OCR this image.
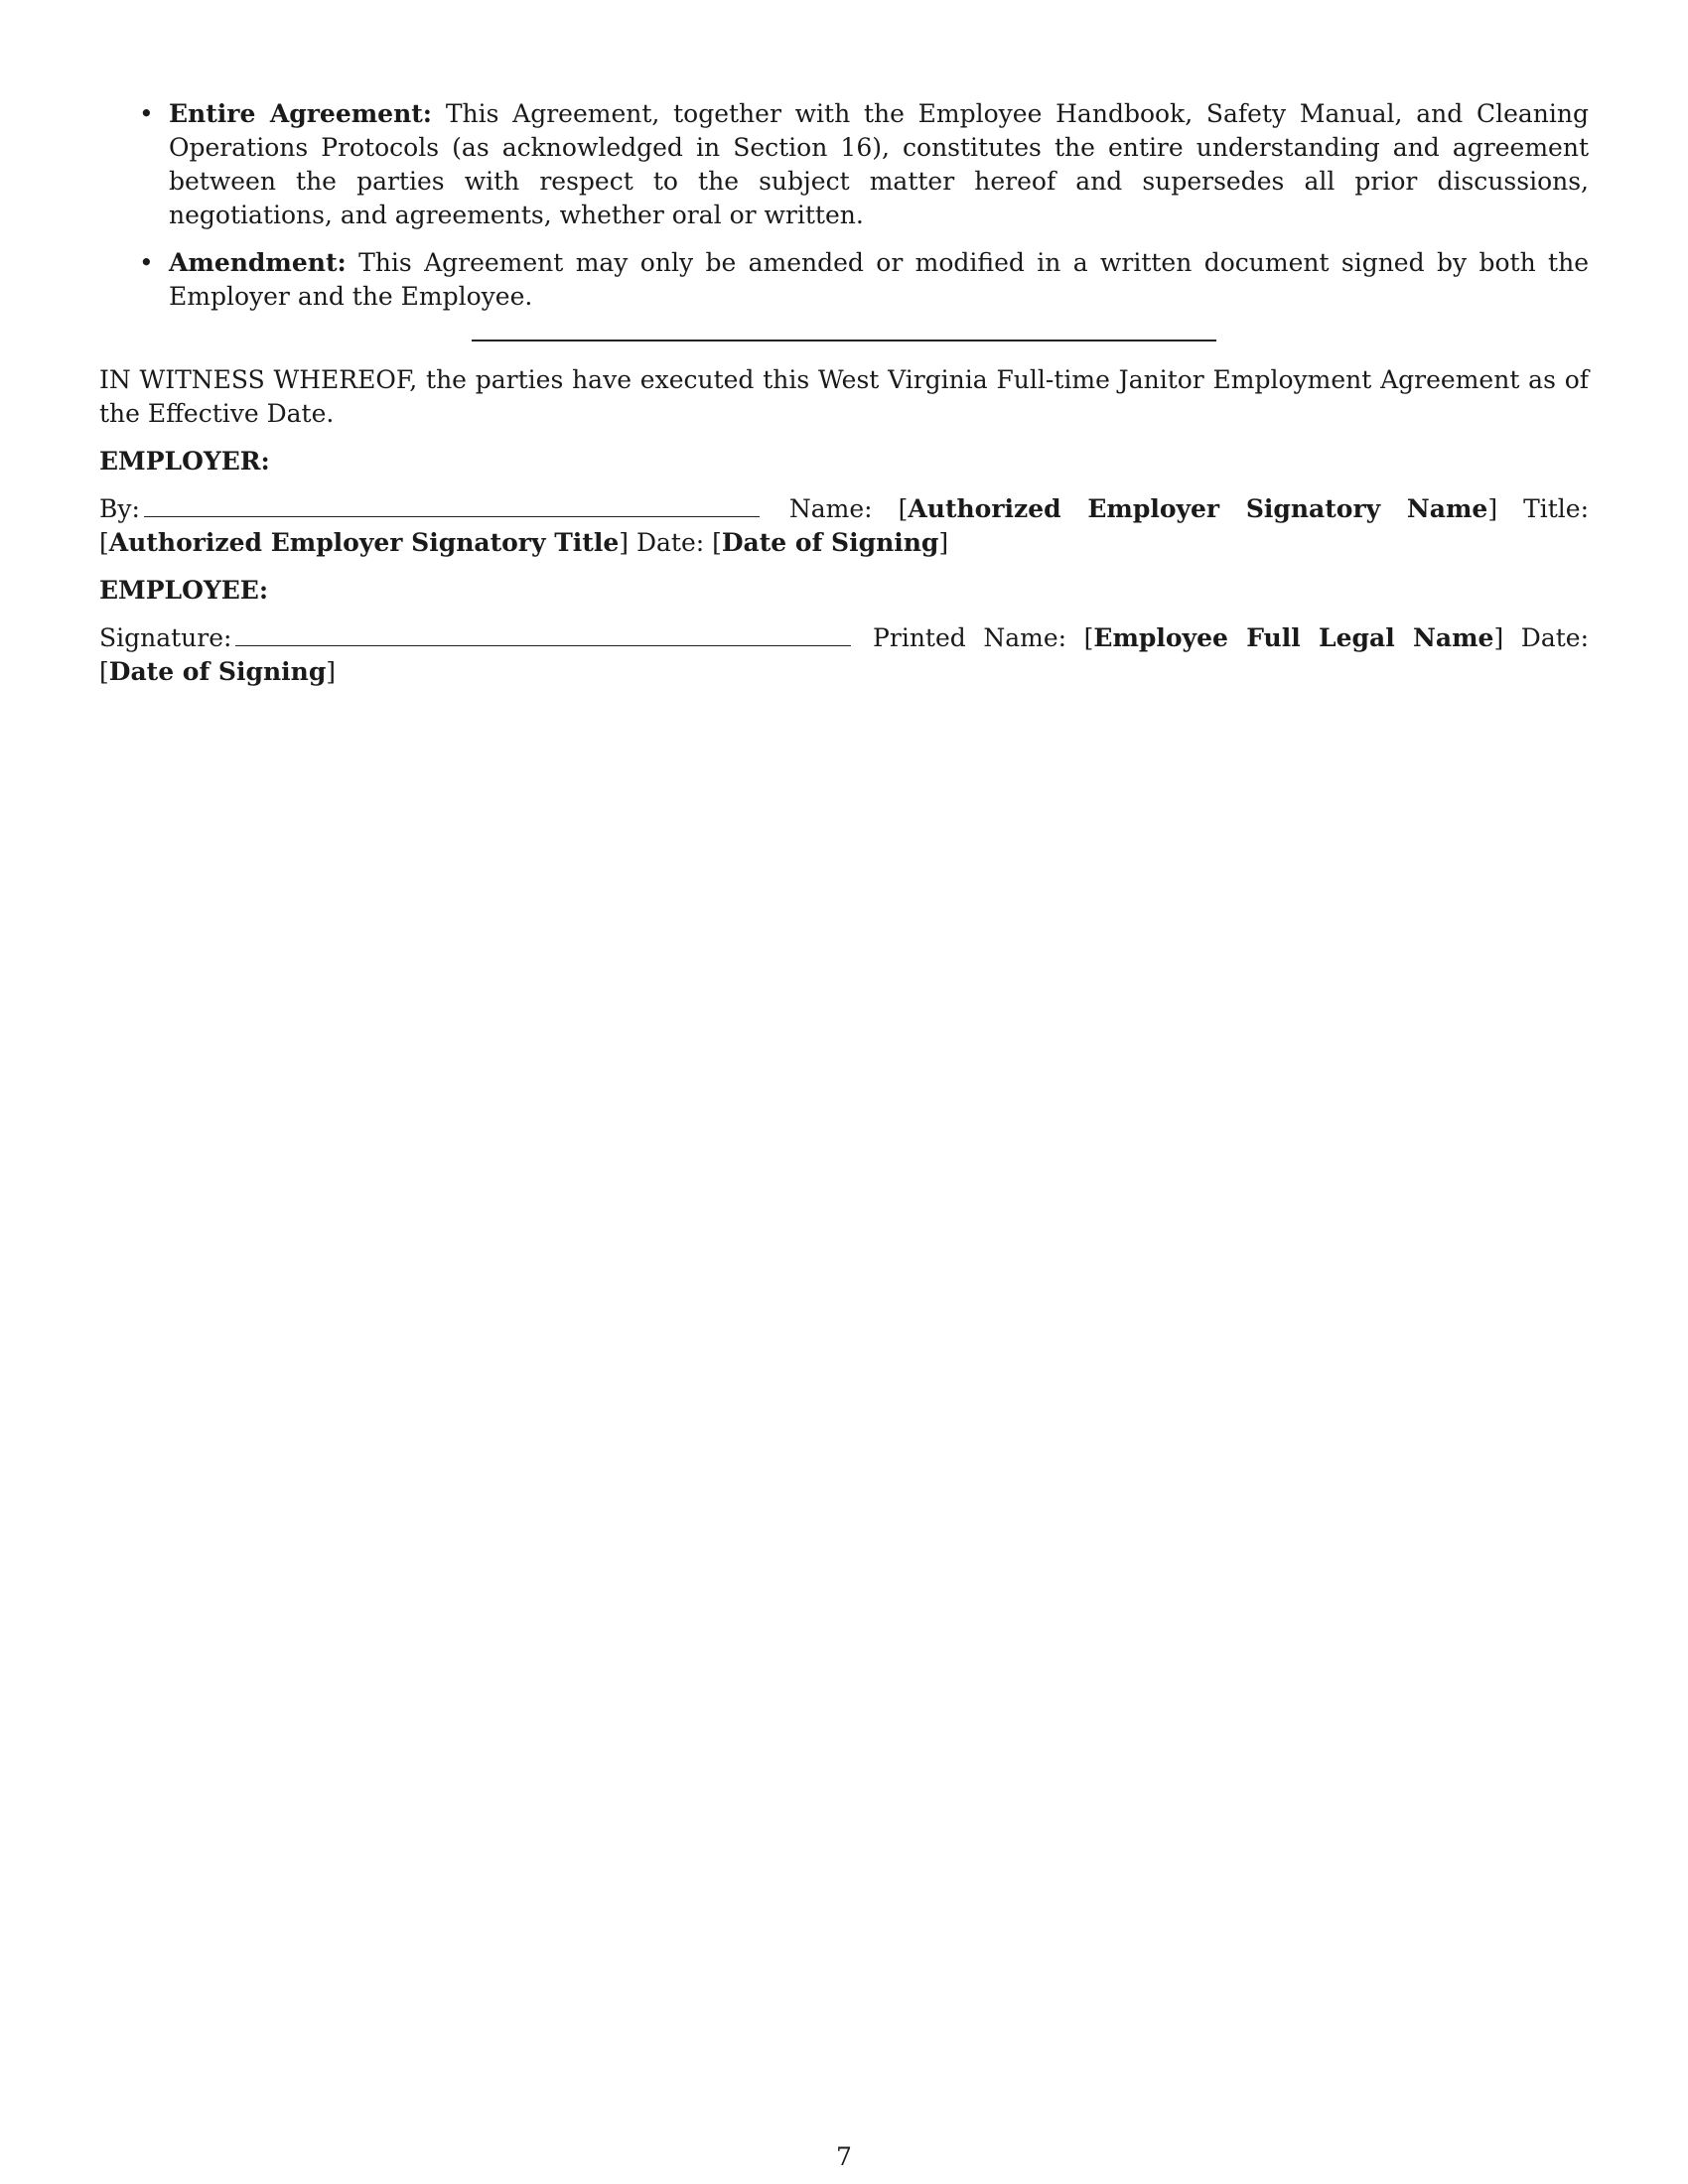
• Entire Agreement: This Agreement, together with the Employee Handbook, Safety Manual, and Cleaning Operations Protocols (as acknowledged in Section 16), constitutes the entire understanding and agreement between the parties with respect to the subject matter hereof and supersedes all prior discussions, negotiations, and agreements, whether oral or written.
• Amendment: This Agreement may only be amended or modified in a written document signed by both the Employer and the Employee.

IN WITNESS WHEREOF, the parties have executed this West Virginia Full-time Janitor Employment Agreement as of the Effective Date.

EMPLOYER:

By:	Name: [Authorized Employer Signatory Name] Title: [Authorized Employer Signatory Title] Date: [Date of Signing]

EMPLOYEE:

Signature:	Printed Name: [Employee Full Legal Name] Date: [Date of Signing]

7
